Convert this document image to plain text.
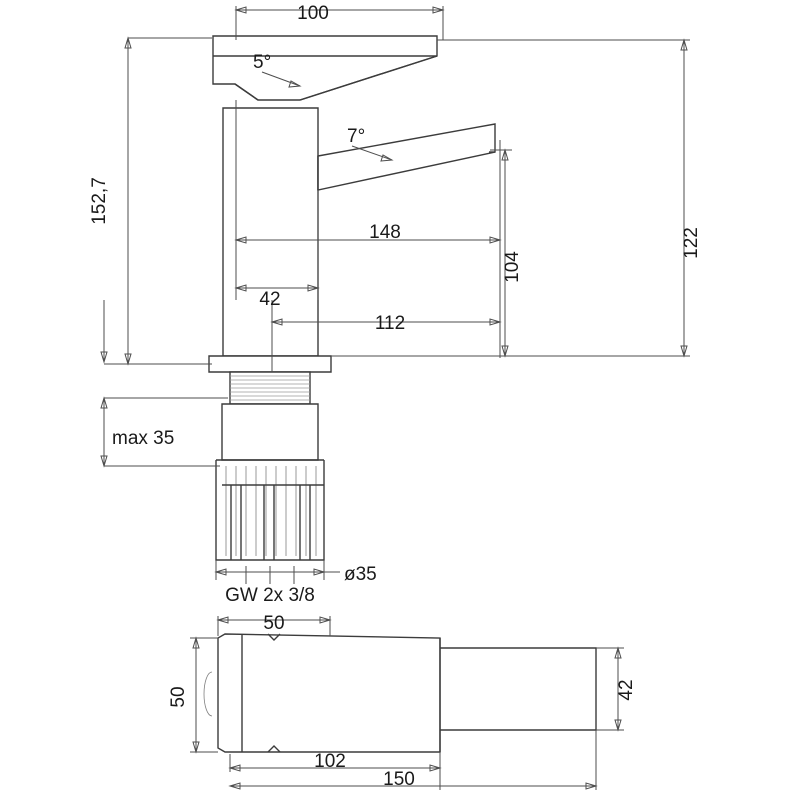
100
5°
7°
152,7
122
148
104
42
112
max 35
ø35
GW 2x 3/8
50
50	42
102
150
